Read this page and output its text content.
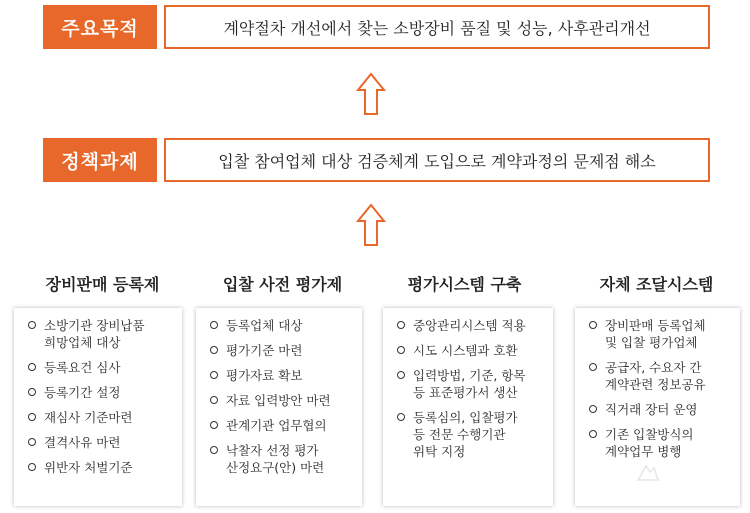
주요목적	계약절차 개선에서 찾는 소방장비 품질 및 성능, 사후관리개선
정책과제	입찰 참여업체 대상 검증체계 도입으로 계약과정의 문제점 해소
장비판매 등록제	입찰 사전 평가제	평가시스템 구축	자체 조달시스템
소방기관 장비납품
희망업체 대상
등록요건 심사
등록기간 설정
재심사 기준마련
결격사유 마련
위반자 처벌기준
등록업체 대상
평가기준 마련
평가자료 확보
자료 입력방안 마련
관계기관 업무협의
낙찰자 선정 평가
산정요구(안) 마련
중앙관리시스템 적용
시도 시스템과 호환
입력방법, 기준, 항목
등 표준평가서 생산
등록심의, 입찰평가
등 전문 수행기관
위탁 지정
장비판매 등록업체
및 입찰 평가업체
공급자, 수요자 간
계약관련 정보공유
직거래 장터 운영
기존 입찰방식의
계약업무 병행
